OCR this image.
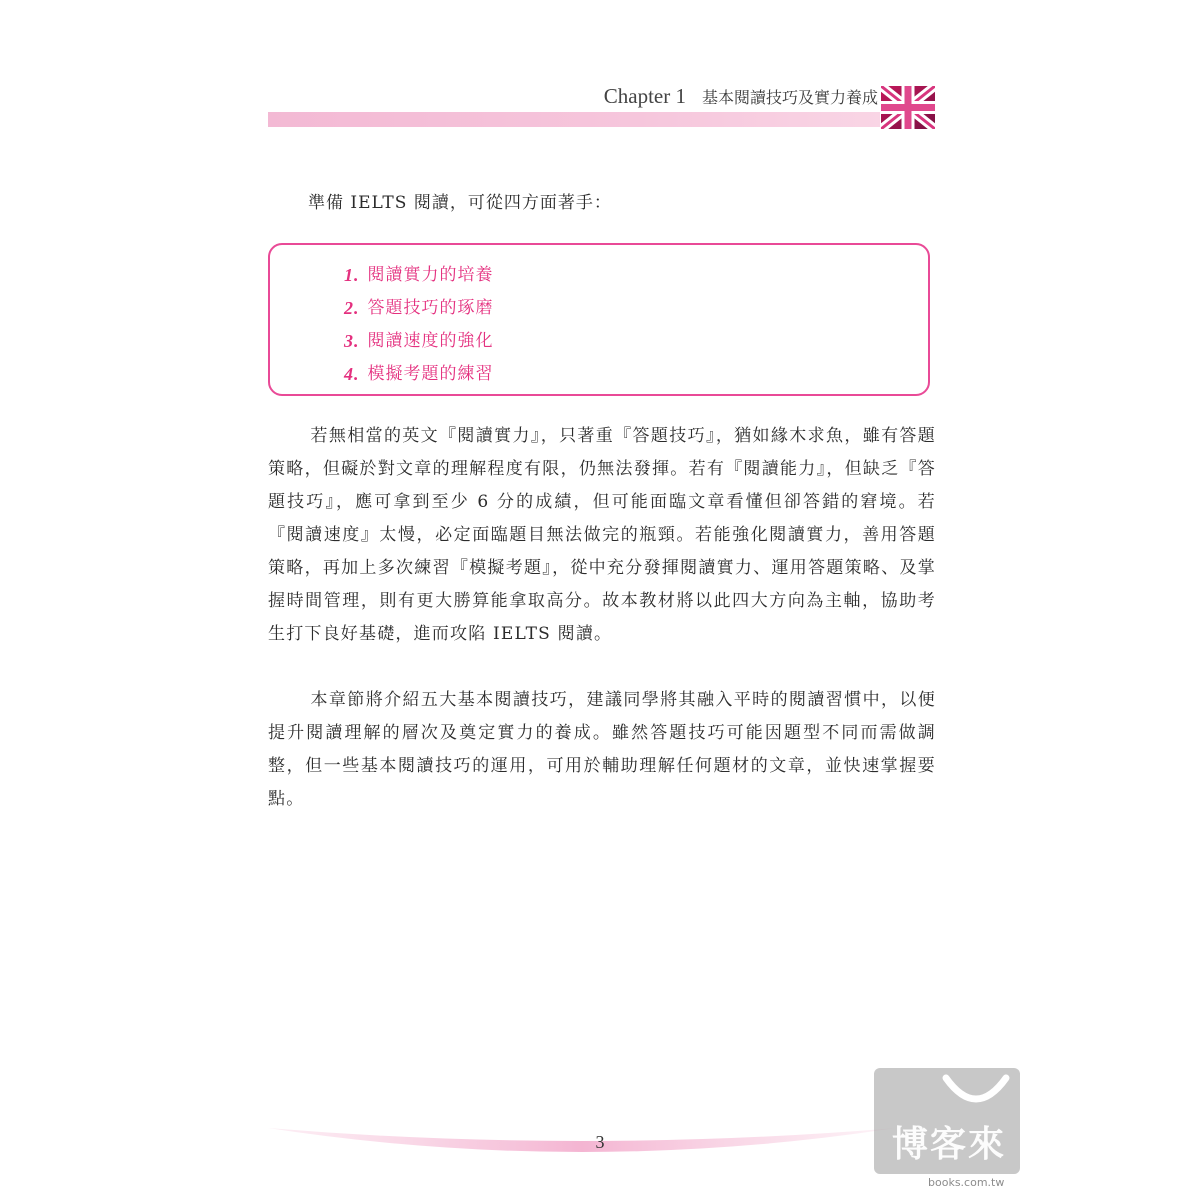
Chapter 1 基本閱讀技巧及實力養成

準備 IELTS 閱讀，可從四方面著手：

1. 閱讀實力的培養
2. 答題技巧的琢磨
3. 閱讀速度的強化
4. 模擬考題的練習

若無相當的英文『閱讀實力』，只著重『答題技巧』，猶如緣木求魚，雖有答題策略，但礙於對文章的理解程度有限，仍無法發揮。若有『閱讀能力』，但缺乏『答題技巧』，應可拿到至少 6 分的成績，但可能面臨文章看懂但卻答錯的窘境。若『閱讀速度』太慢，必定面臨題目無法做完的瓶頸。若能強化閱讀實力，善用答題策略，再加上多次練習『模擬考題』，從中充分發揮閱讀實力、運用答題策略、及掌握時間管理，則有更大勝算能拿取高分。故本教材將以此四大方向為主軸，協助考生打下良好基礎，進而攻陷 IELTS 閱讀。

本章節將介紹五大基本閱讀技巧，建議同學將其融入平時的閱讀習慣中，以便提升閱讀理解的層次及奠定實力的養成。雖然答題技巧可能因題型不同而需做調整，但一些基本閱讀技巧的運用，可用於輔助理解任何題材的文章，並快速掌握要點。

3	博客來
books.com.tw
